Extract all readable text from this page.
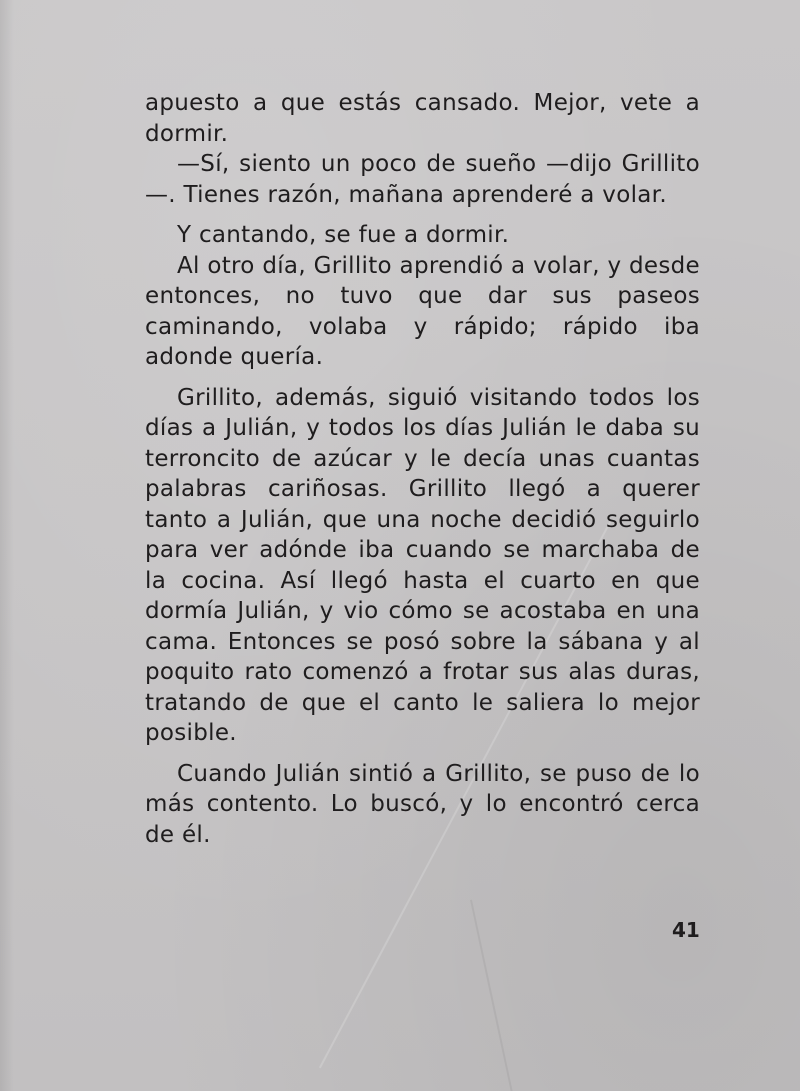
apuesto a que estás cansado. Mejor, vete a dormir.

—Sí, siento un poco de sueño —dijo Grillito—. Tienes razón, mañana aprenderé a volar.

Y cantando, se fue a dormir.

Al otro día, Grillito aprendió a volar, y desde entonces, no tuvo que dar sus paseos caminando, volaba y rápido; rápido iba adonde quería.

Grillito, además, siguió visitando todos los días a Julián, y todos los días Julián le daba su terroncito de azúcar y le decía unas cuantas palabras cariñosas. Grillito llegó a querer tanto a Julián, que una noche decidió seguirlo para ver adónde iba cuando se marchaba de la cocina. Así llegó hasta el cuarto en que dormía Julián, y vio cómo se acostaba en una cama. Entonces se posó sobre la sábana y al poquito rato comenzó a frotar sus alas duras, tratando de que el canto le saliera lo mejor posible.

Cuando Julián sintió a Grillito, se puso de lo más contento. Lo buscó, y lo encontró cerca de él.

41
